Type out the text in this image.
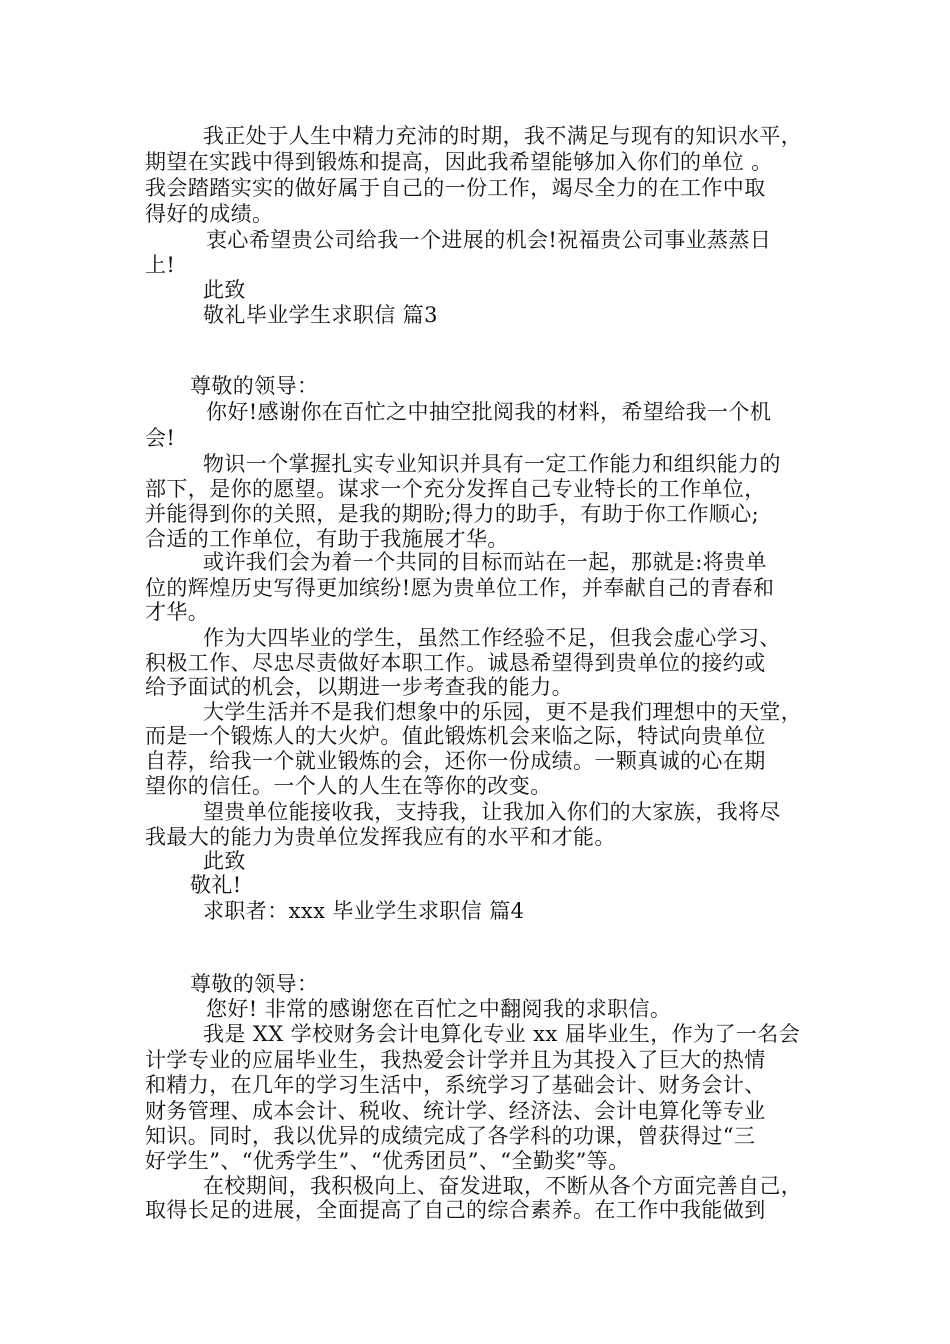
我正处于人生中精力充沛的时期，我不满足与现有的知识水平，
期望在实践中得到锻炼和提高，因此我希望能够加入你们的单位 。
我会踏踏实实的做好属于自己的一份工作，竭尽全力的在工作中取
得好的成绩。
衷心希望贵公司给我一个进展的机会!祝福贵公司事业蒸蒸日
上!
此致
敬礼毕业学生求职信 篇3
尊敬的领导：
你好!感谢你在百忙之中抽空批阅我的材料，希望给我一个机
会!
物识一个掌握扎实专业知识并具有一定工作能力和组织能力的
部下，是你的愿望。谋求一个充分发挥自己专业特长的工作单位，
并能得到你的关照，是我的期盼;得力的助手，有助于你工作顺心;
合适的工作单位，有助于我施展才华。
或许我们会为着一个共同的目标而站在一起，那就是:将贵单
位的辉煌历史写得更加缤纷!愿为贵单位工作，并奉献自己的青春和
才华。
作为大四毕业的学生，虽然工作经验不足，但我会虚心学习、
积极工作、尽忠尽责做好本职工作。诚恳希望得到贵单位的接约或
给予面试的机会，以期进一步考查我的能力。
大学生活并不是我们想象中的乐园，更不是我们理想中的天堂，
而是一个锻炼人的大火炉。值此锻炼机会来临之际，特试向贵单位
自荐，给我一个就业锻炼的会，还你一份成绩。一颗真诚的心在期
望你的信任。一个人的人生在等你的改变。
望贵单位能接收我，支持我，让我加入你们的大家族，我将尽
我最大的能力为贵单位发挥我应有的水平和才能。
此致
敬礼!
求职者：xxx 毕业学生求职信 篇4
尊敬的领导：
您好! 非常的感谢您在百忙之中翻阅我的求职信。
我是 XX 学校财务会计电算化专业 xx 届毕业生，作为了一名会
计学专业的应届毕业生，我热爱会计学并且为其投入了巨大的热情
和精力，在几年的学习生活中，系统学习了基础会计、财务会计、
财务管理、成本会计、税收、统计学、经济法、会计电算化等专业
知识。同时，我以优异的成绩完成了各学科的功课，曾获得过“三
好学生”、“优秀学生”、“优秀团员”、“全勤奖”等。
在校期间，我积极向上、奋发进取，不断从各个方面完善自己，
取得长足的进展，全面提高了自己的综合素养。在工作中我能做到
